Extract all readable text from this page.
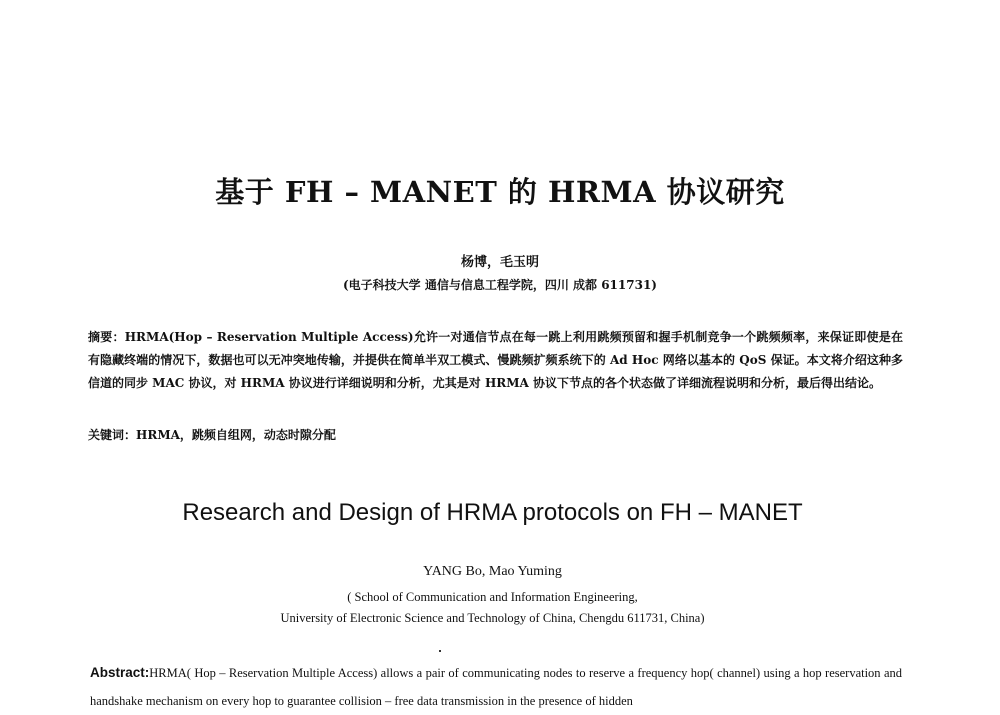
基于 FH – MANET 的 HRMA 协议研究
杨博，毛玉明
(电子科技大学 通信与信息工程学院，四川 成都 611731)
摘要：HRMA(Hop – Reservation Multiple Access)允许一对通信节点在每一跳上利用跳频预留和握手机制竞争一个跳频频率，来保证即使是在有隐藏终端的情况下，数据也可以无冲突地传输，并提供在简单半双工模式、慢跳频扩频系统下的 Ad Hoc 网络以基本的 QoS 保证。本文将介绍这种多信道的同步 MAC 协议，对 HRMA 协议进行详细说明和分析，尤其是对 HRMA 协议下节点的各个状态做了详细流程说明和分析，最后得出结论。
关键词：HRMA，跳频自组网，动态时隙分配
Research and Design of HRMA protocols on FH – MANET
YANG Bo, Mao Yuming
( School of Communication and Information Engineering,
University of Electronic Science and Technology of China, Chengdu 611731, China)
Abstract:HRMA( Hop – Reservation Multiple Access) allows a pair of communicating nodes to reserve a frequency hop( channel) using a hop reservation and handshake mechanism on every hop to guarantee collision – free data transmission in the presence of hidden
